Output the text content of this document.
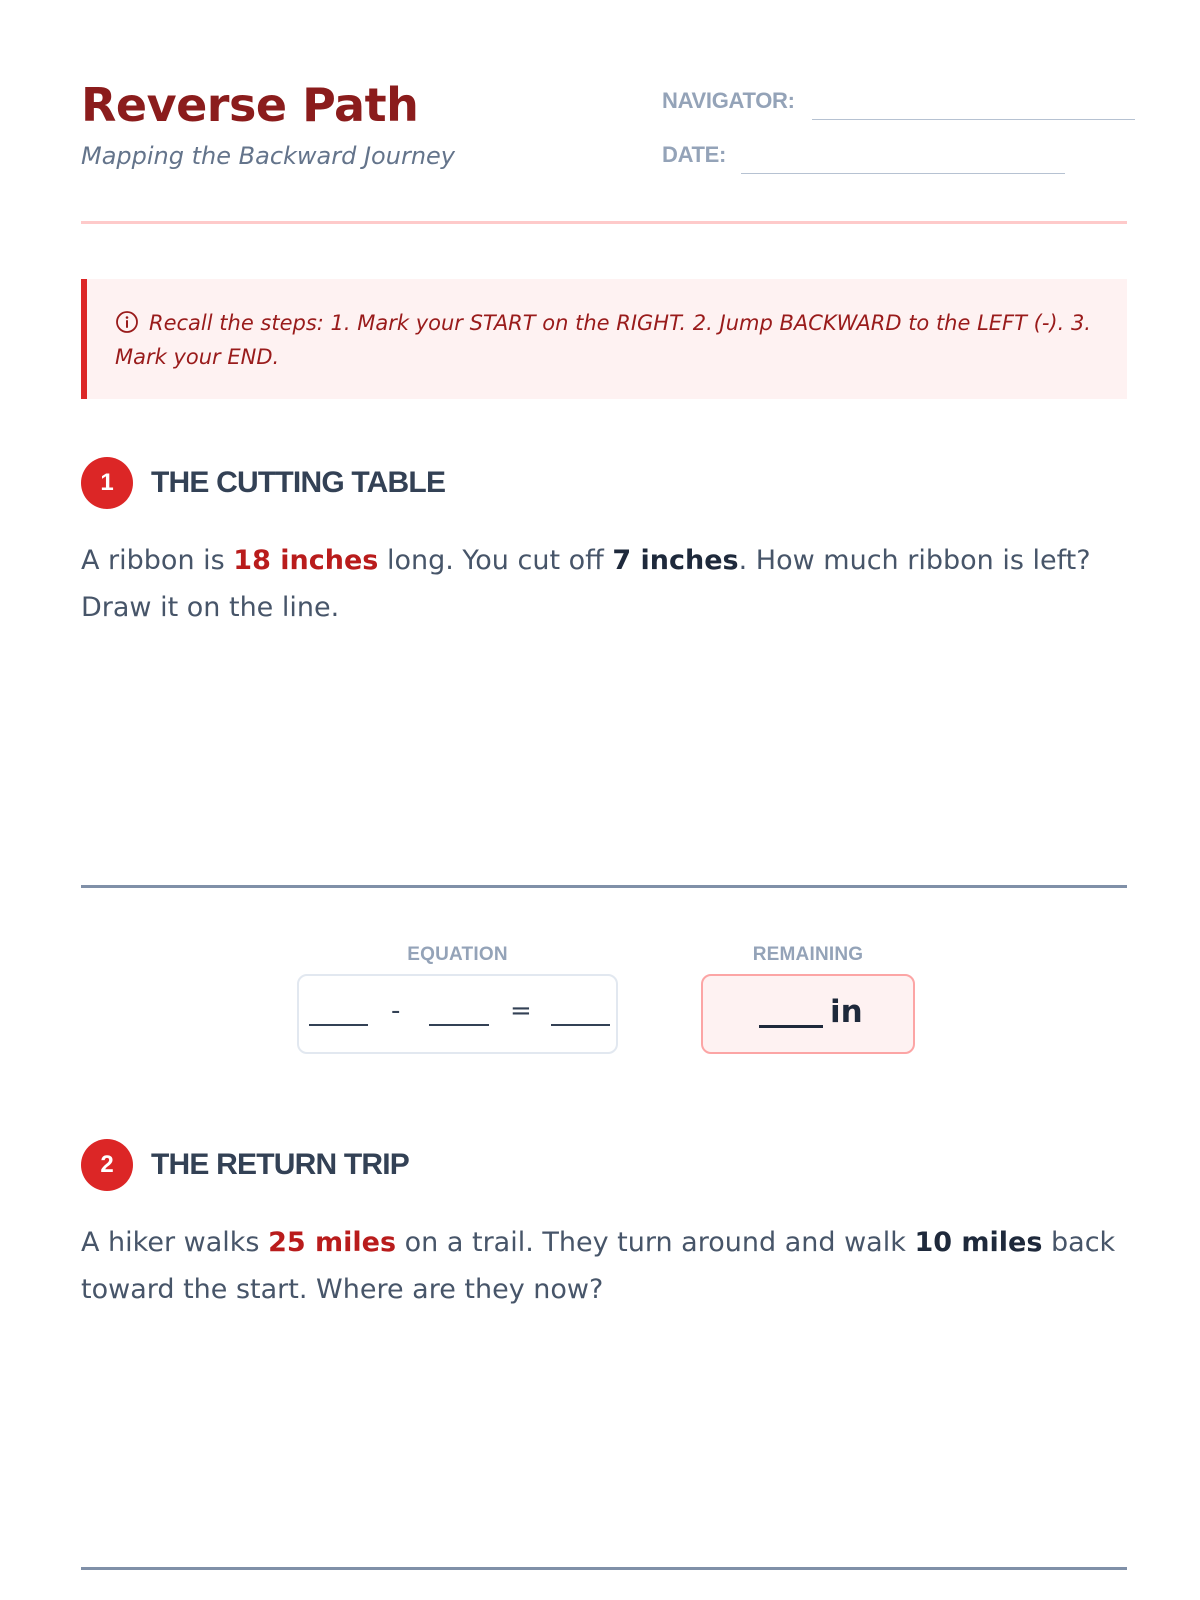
Reverse Path
Mapping the Backward Journey
NAVIGATOR:
DATE:
Recall the steps: 1. Mark your START on the RIGHT. 2. Jump BACKWARD to the LEFT (-). 3. Mark your END.
1	THE CUTTING TABLE
A ribbon is 18 inches long. You cut off 7 inches. How much ribbon is left? Draw it on the line.
EQUATION
-	=
REMAINING
in
2	THE RETURN TRIP
A hiker walks 25 miles on a trail. They turn around and walk 10 miles back toward the start. Where are they now?
